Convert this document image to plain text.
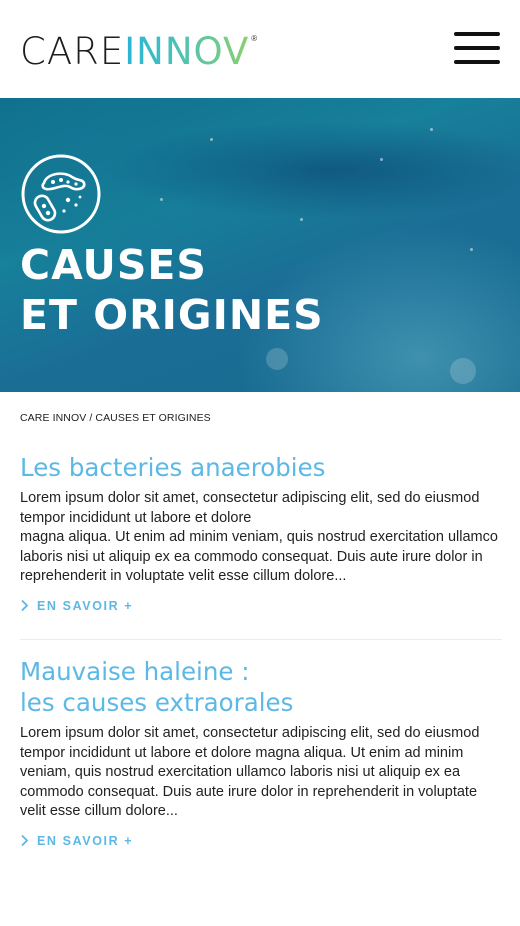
CARE INNOV ®
CAUSES
ET ORIGINES
CARE INNOV / CAUSES ET ORIGINES
Les bacteries anaerobies

Lorem ipsum dolor sit amet, consectetur adipiscing elit, sed do eiusmod tempor incididunt ut labore et dolore
magna aliqua. Ut enim ad minim veniam, quis nostrud exercitation ullamco laboris nisi ut aliquip ex ea commodo consequat. Duis aute irure dolor in reprehenderit in voluptate velit esse cillum dolore...

EN SAVOIR +
Mauvaise haleine :
les causes extraorales

Lorem ipsum dolor sit amet, consectetur adipiscing elit, sed do eiusmod tempor incididunt ut labore et dolore magna aliqua. Ut enim ad minim veniam, quis nostrud exercitation ullamco laboris nisi ut aliquip ex ea commodo consequat. Duis aute irure dolor in reprehenderit in voluptate velit esse cillum dolore...

EN SAVOIR +
